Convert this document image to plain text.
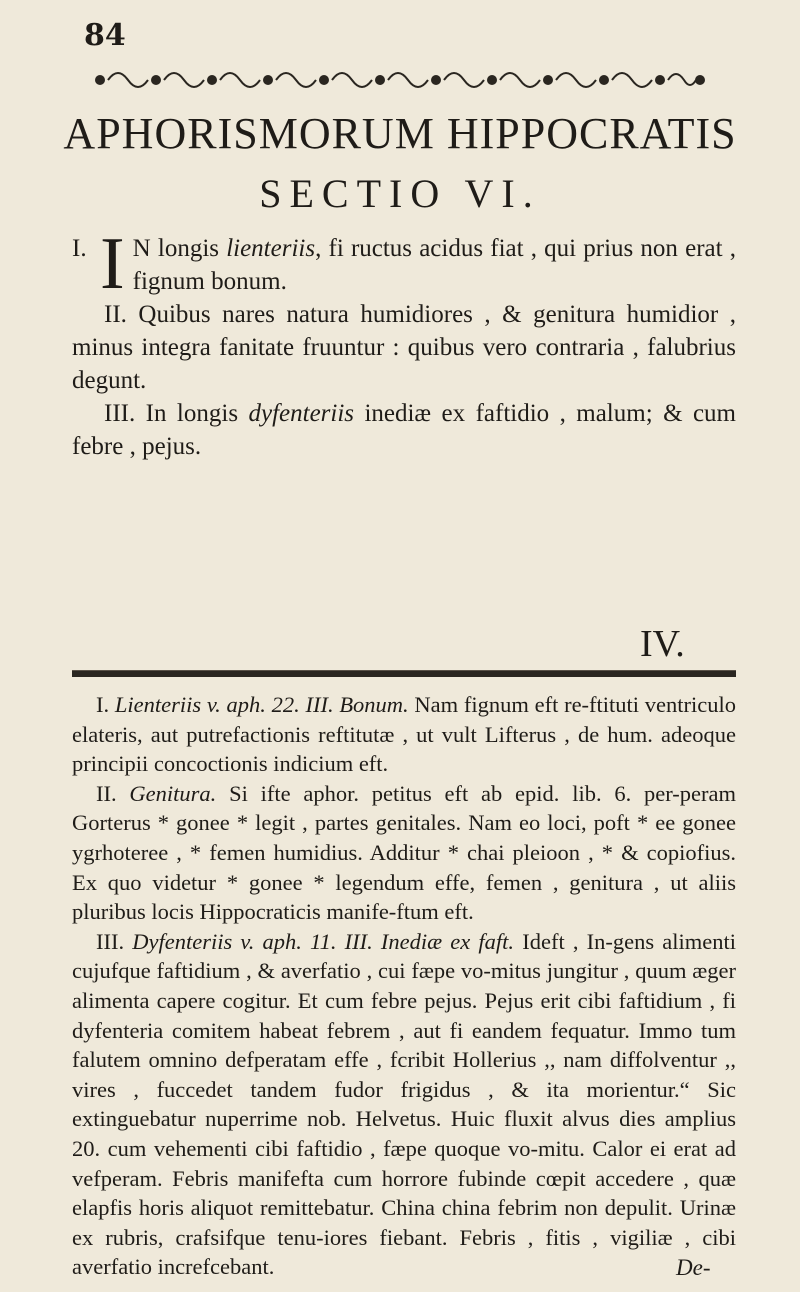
84
APHORISMORUM HIPPOCRATIS
SECTIO VI.
I. I N longis lienteriis, fi ructus acidus fiat , qui prius non erat , fignum bonum.
II. Quibus nares natura humidiores , & genitura humidior , minus integra fanitate fruuntur : quibus vero contraria , falubrius degunt.
III. In longis dyfenteriis inediæ ex faftidio , malum; & cum febre , pejus.
IV.

I. Lienteriis v. aph. 22. III. Bonum. Nam fignum eft re-ftituti ventriculo elateris, aut putrefactionis reftitutæ , ut vult Lifterus , de hum. adeoque principii concoctionis indicium eft.

II. Genitura. Si ifte aphor. petitus eft ab epid. lib. 6. per-peram Gorterus * gonee * legit , partes genitales. Nam eo loci, poft * ee gonee ygrhoteree , * femen humidius. Additur * chai pleioon , * & copiofius. Ex quo videtur * gonee * legendum effe, femen , genitura , ut aliis pluribus locis Hippocraticis manife-ftum eft.

III. Dyfenteriis v. aph. 11. III. Inediæ ex faft. Ideft , In-gens alimenti cujufque faftidium , & averfatio , cui fæpe vo-mitus jungitur , quum æger alimenta capere cogitur. Et cum febre pejus. Pejus erit cibi faftidium , fi dyfenteria comitem habeat febrem , aut fi eandem fequatur. Immo tum falutem omnino defperatam effe , fcribit Hollerius ,, nam diffolventur ,, vires , fuccedet tandem fudor frigidus , & ita morientur.“ Sic extinguebatur nuperrime nob. Helvetus. Huic fluxit alvus dies amplius 20. cum vehementi cibi faftidio , fæpe quoque vo-mitu. Calor ei erat ad vefperam. Febris manifefta cum horrore fubinde cœpit accedere , quæ elapfis horis aliquot remittebatur. China china febrim non depulit. Urinæ ex rubris, crafsifque tenu-iores fiebant. Febris , fitis , vigiliæ , cibi averfatio increfcebant.	De-
